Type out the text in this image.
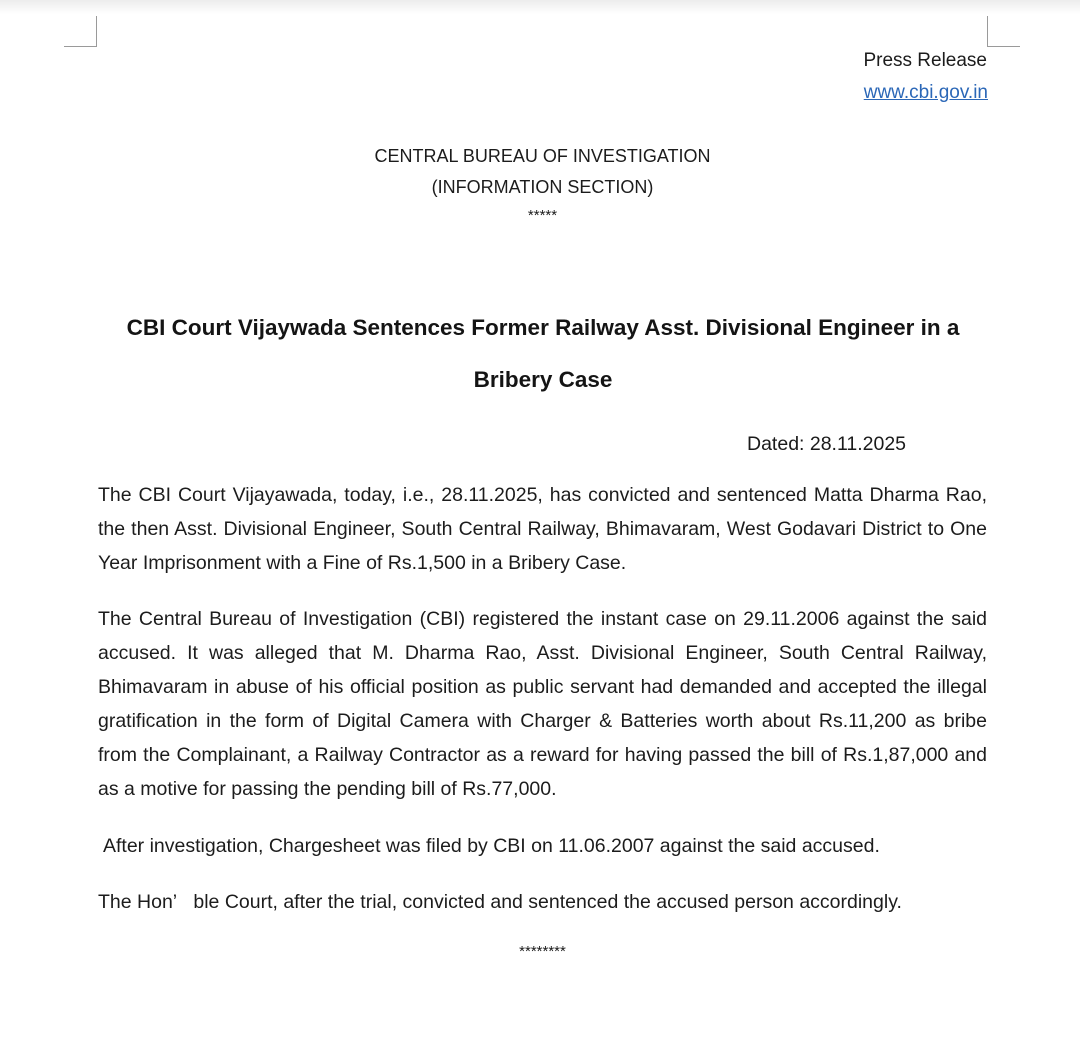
Press Release
www.cbi.gov.in
CENTRAL BUREAU OF INVESTIGATION
(INFORMATION SECTION)
*****
CBI Court Vijaywada Sentences Former Railway Asst. Divisional Engineer in a Bribery Case
Dated: 28.11.2025

The CBI Court Vijayawada, today, i.e., 28.11.2025, has convicted and sentenced Matta Dharma Rao, the then Asst. Divisional Engineer, South Central Railway, Bhimavaram, West Godavari District to One Year Imprisonment with a Fine of Rs.1,500 in a Bribery Case.

The Central Bureau of Investigation (CBI) registered the instant case on 29.11.2006 against the said accused. It was alleged that M. Dharma Rao, Asst. Divisional Engineer, South Central Railway, Bhimavaram in abuse of his official position as public servant had demanded and accepted the illegal gratification in the form of Digital Camera with Charger & Batteries worth about Rs.11,200 as bribe from the Complainant, a Railway Contractor as a reward for having passed the bill of Rs.1,87,000 and as a motive for passing the pending bill of Rs.77,000.

After investigation, Chargesheet was filed by CBI on 11.06.2007 against the said accused.

The Hon’   ble Court, after the trial, convicted and sentenced the accused person accordingly.

********
